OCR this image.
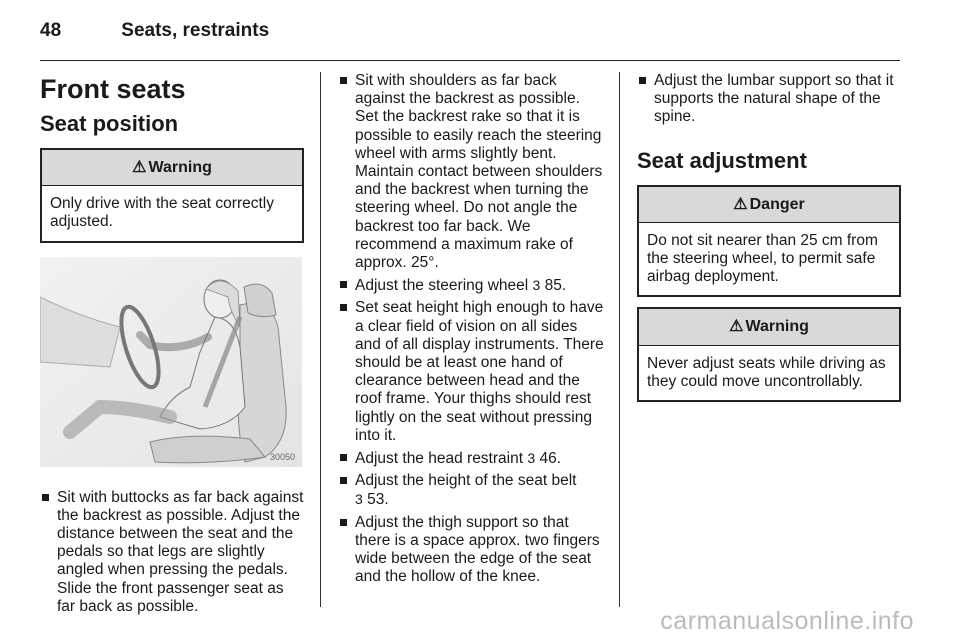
48	Seats, restraints
Front seats
Seat position
⚠ Warning
Only drive with the seat correctly adjusted.
30050
Sit with buttocks as far back against the backrest as possible. Adjust the distance between the seat and the pedals so that legs are slightly angled when pressing the pedals. Slide the front passenger seat as far back as possible.
Sit with shoulders as far back against the backrest as possible. Set the backrest rake so that it is possible to easily reach the steering wheel with arms slightly bent. Maintain contact between shoulders and the backrest when turning the steering wheel. Do not angle the backrest too far back. We recommend a maximum rake of approx. 25°.
Adjust the steering wheel 3 85.
Set seat height high enough to have a clear field of vision on all sides and of all display instruments. There should be at least one hand of clearance between head and the roof frame. Your thighs should rest lightly on the seat without pressing into it.
Adjust the head restraint 3 46.
Adjust the height of the seat belt
3 53.
Adjust the thigh support so that there is a space approx. two fingers wide between the edge of the seat and the hollow of the knee.
Adjust the lumbar support so that it supports the natural shape of the spine.
Seat adjustment
⚠ Danger
Do not sit nearer than 25 cm from the steering wheel, to permit safe airbag deployment.
⚠ Warning
Never adjust seats while driving as they could move uncontrollably.
carmanualsonline.info
